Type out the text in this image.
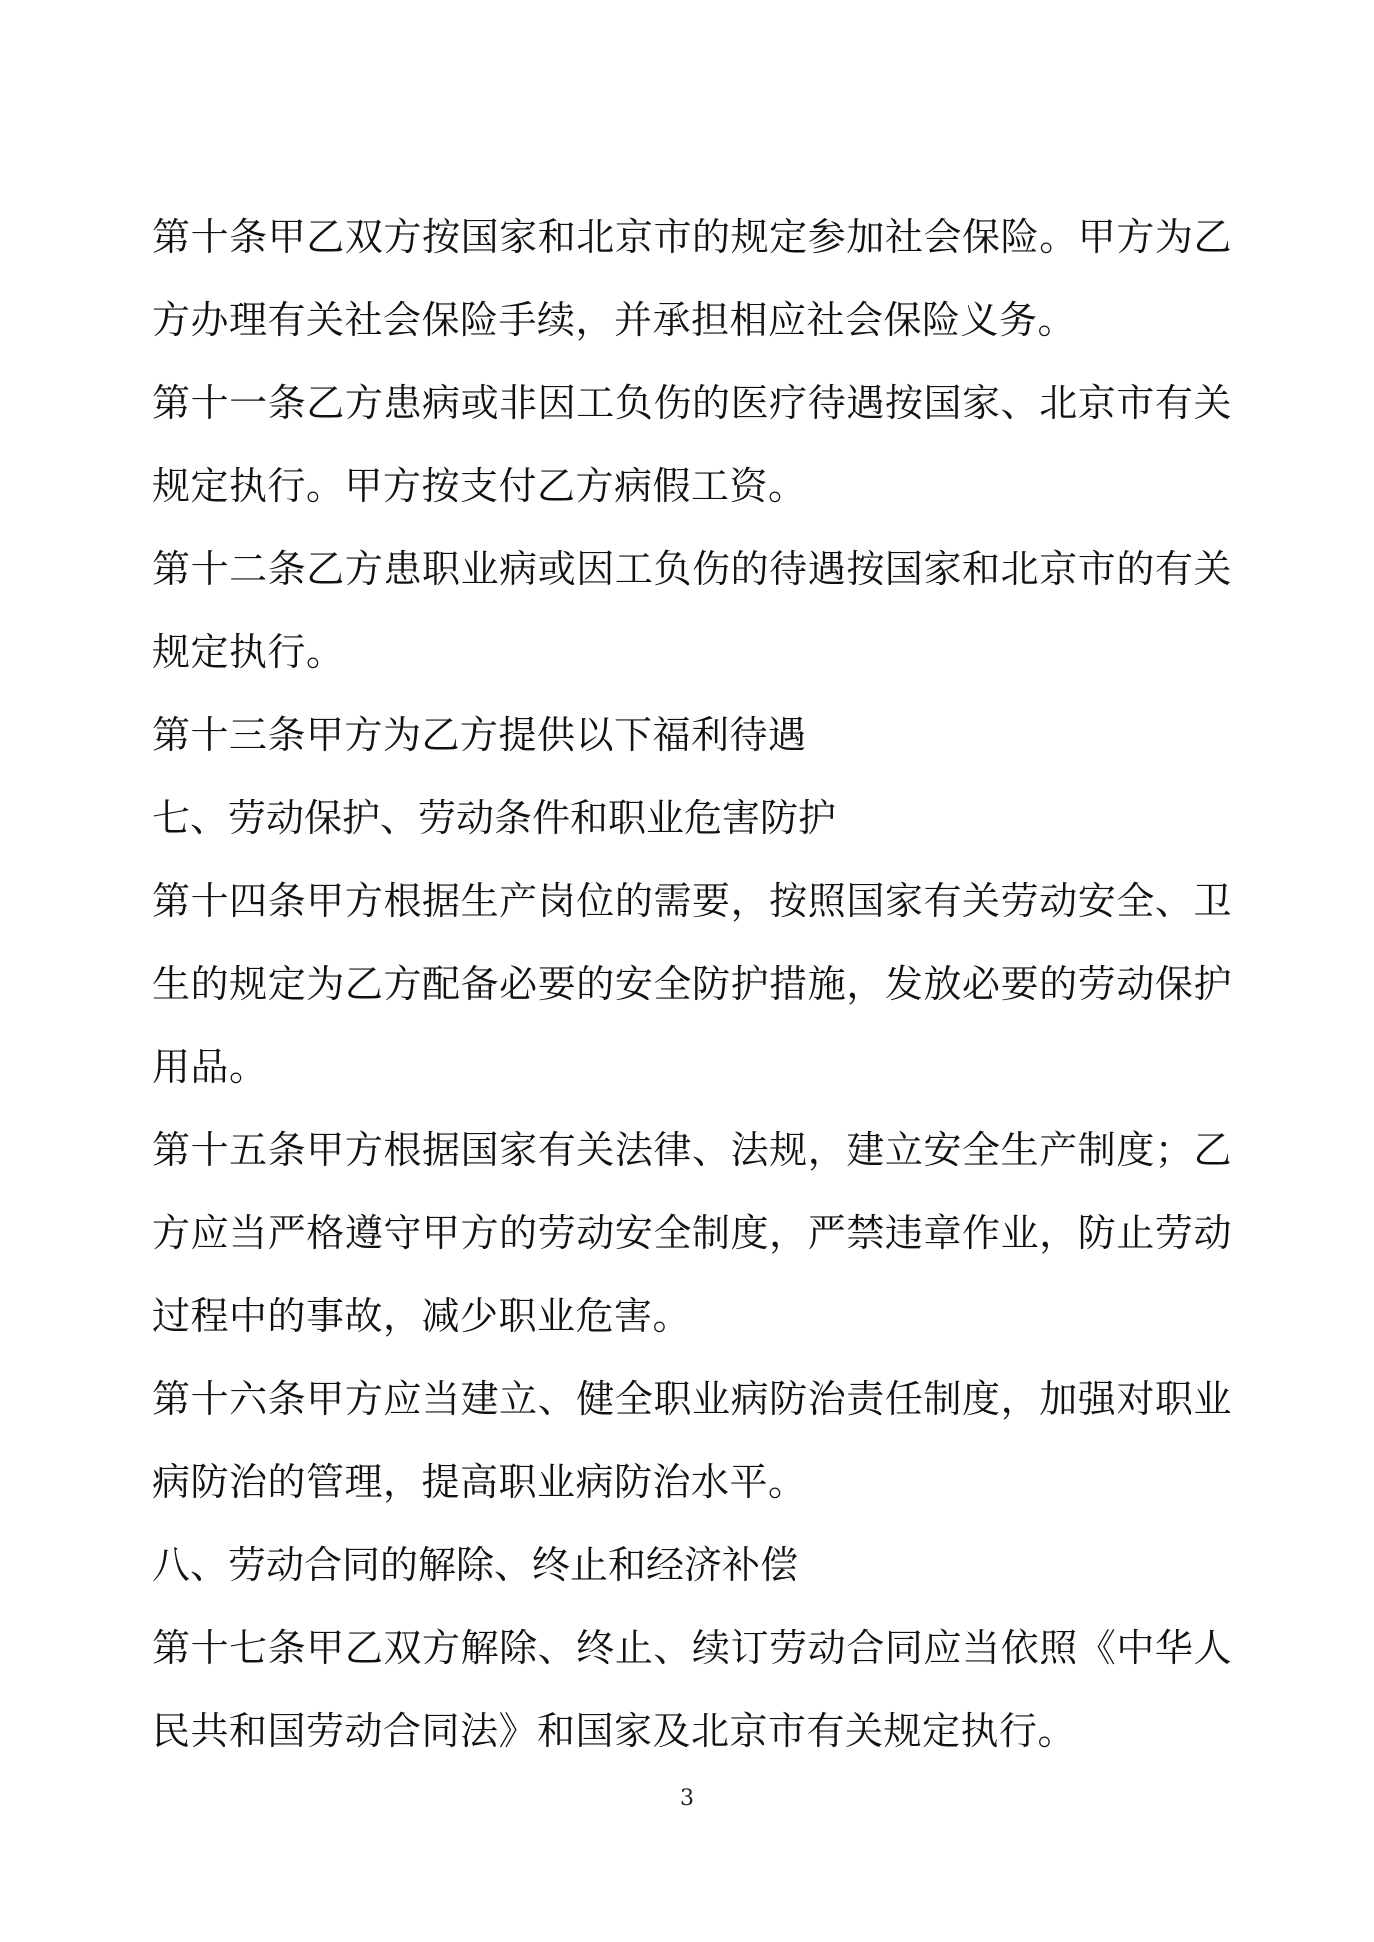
第十条甲乙双方按国家和北京市的规定参加社会保险。甲方为乙方办理有关社会保险手续，并承担相应社会保险义务。

第十一条乙方患病或非因工负伤的医疗待遇按国家、北京市有关规定执行。甲方按支付乙方病假工资。

第十二条乙方患职业病或因工负伤的待遇按国家和北京市的有关规定执行。

第十三条甲方为乙方提供以下福利待遇

七、劳动保护、劳动条件和职业危害防护

第十四条甲方根据生产岗位的需要，按照国家有关劳动安全、卫生的规定为乙方配备必要的安全防护措施，发放必要的劳动保护用品。

第十五条甲方根据国家有关法律、法规，建立安全生产制度；乙方应当严格遵守甲方的劳动安全制度，严禁违章作业，防止劳动过程中的事故，减少职业危害。

第十六条甲方应当建立、健全职业病防治责任制度，加强对职业病防治的管理，提高职业病防治水平。

八、劳动合同的解除、终止和经济补偿

第十七条甲乙双方解除、终止、续订劳动合同应当依照《中华人民共和国劳动合同法》和国家及北京市有关规定执行。

3
